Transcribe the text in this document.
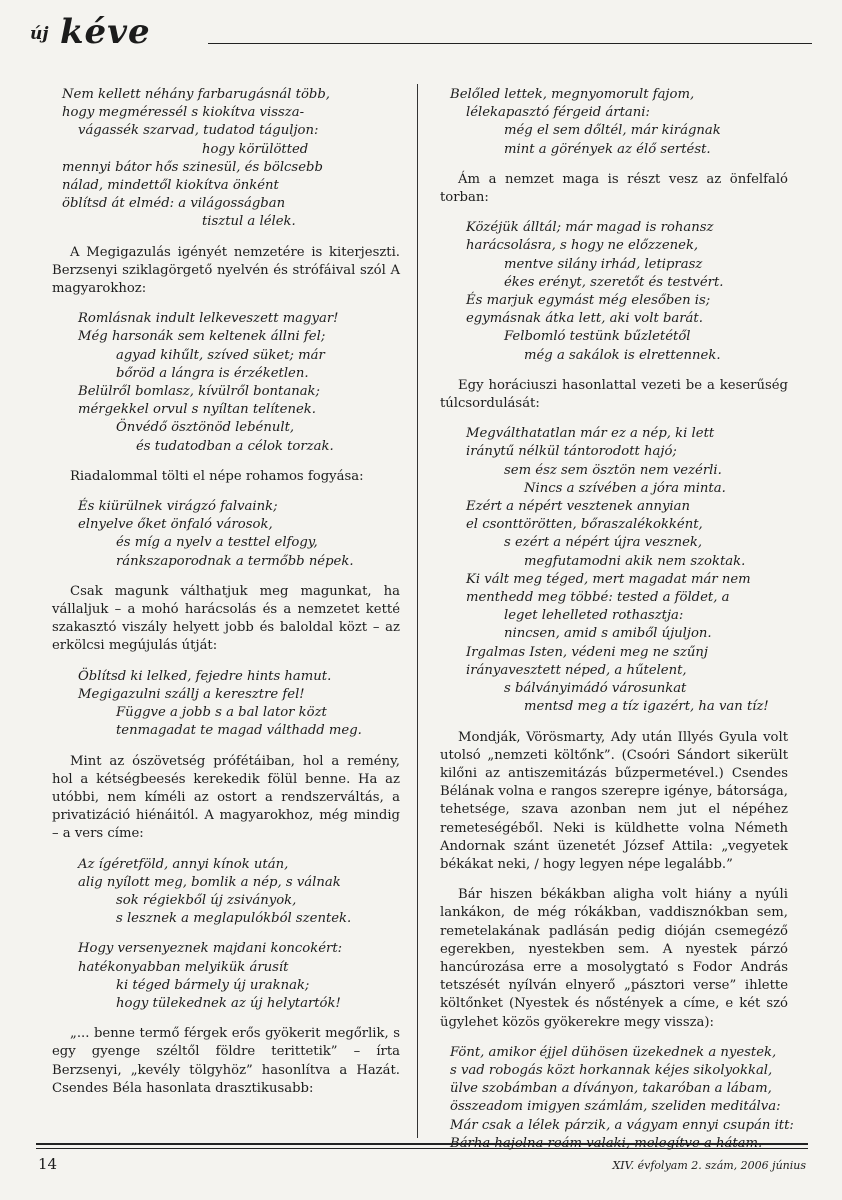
új kéve
Nem kellett néhány farbarugásnál több,
hogy megméressél s kiokítva vissza-
vágassék szarvad, tudatod táguljon:
hogy körülötted
mennyi bátor hős szinesül, és bölcsebb
nálad, mindettől kiokítva önként
öblítsd át elméd: a világosságban
tisztul a lélek.

A Megigazulás igényét nemzetére is kiterjeszti. Berzsenyi sziklagörgető nyelvén és strófáival szól A magyarokhoz:

Romlásnak indult lelkeveszett magyar!
Még harsonák sem keltenek állni fel;
agyad kihűlt, szíved süket; már
bőröd a lángra is érzéketlen.
Belülről bomlasz, kívülről bontanak;
mérgekkel orvul s nyíltan telítenek.
Önvédő ösztönöd lebénult,
és tudatodban a célok torzak.

Riadalommal tölti el népe rohamos fogyása:

És kiürülnek virágzó falvaink;
elnyelve őket önfaló városok,
és míg a nyelv a testtel elfogy,
ránkszaporodnak a termőbb népek.

Csak magunk válthatjuk meg magunkat, ha vállaljuk – a mohó harácsolás és a nemzetet ketté szakasztó viszály helyett jobb és baloldal közt – az erkölcsi megújulás útját:

Öblítsd ki lelked, fejedre hints hamut.
Megigazulni szállj a keresztre fel!
Függve a jobb s a bal lator közt
tenmagadat te magad válthadd meg.

Mint az ószövetség prófétáiban, hol a remény, hol a kétségbeesés kerekedik fölül benne. Ha az utóbbi, nem kíméli az ostort a rendszerváltás, a privatizáció hiénáitól. A magyarokhoz, még mindig – a vers címe:

Az ígéretföld, annyi kínok után,
alig nyílott meg, bomlik a nép, s válnak
sok régiekből új zsiványok,
s lesznek a meglapulókból szentek.
Hogy versenyeznek majdani koncokért:
hatékonyabban melyikük árusít
ki téged bármely új uraknak;
hogy tülekednek az új helytartók!

„... benne termő férgek erős gyökerit megőrlik, s egy gyenge széltől földre terittetik” – írta Berzsenyi, „kevély tölgyhöz” hasonlítva a Hazát. Csendes Béla hasonlata drasztikusabb:

Belőled lettek, megnyomorult fajom,
lélekapasztó férgeid ártani:
még el sem dőltél, már kirágnak
mint a görények az élő sertést.

Ám a nemzet maga is részt vesz az önfelfaló torban:

Közéjük álltál; már magad is rohansz
harácsolásra, s hogy ne előzzenek,
mentve silány irhád, letiprasz
ékes erényt, szeretőt és testvért.
És marjuk egymást még elesőben is;
egymásnak átka lett, aki volt barát.
Felbomló testünk bűzletétől
még a sakálok is elrettennek.

Egy horáciuszi hasonlattal vezeti be a keserűség túlcsordulását:

Megválthatatlan már ez a nép, ki lett
iránytű nélkül tántorodott hajó;
sem ész sem ösztön nem vezérli.
Nincs a szívében a jóra minta.
Ezért a népért vesztenek annyian
el csonttörötten, bőraszalékokként,
s ezért a népért újra vesznek,
megfutamodni akik nem szoktak.
Ki vált meg téged, mert magadat már nem
menthedd meg többé: tested a földet, a
leget lehelleted rothasztja:
nincsen, amid s amiből újuljon.
Irgalmas Isten, védeni meg ne szűnj
irányavesztett néped, a hűtelent,
s bálványimádó városunkat
mentsd meg a tíz igazért, ha van tíz!

Mondják, Vörösmarty, Ady után Illyés Gyula volt utolsó „nemzeti költőnk”. (Csoóri Sándort sikerült kilőni az antiszemitázás bűzpermetével.) Csendes Bélának volna e rangos szerepre igénye, bátorsága, tehetsége, szava azonban nem jut el népéhez remeteségéből. Neki is küldhette volna Németh Andornak szánt üzenetét József Attila: „vegyetek békákat neki, / hogy legyen népe legalább.”

Bár hiszen békákban aligha volt hiány a nyúli lankákon, de még rókákban, vaddisznókban sem, remetelakának padlásán pedig dióján csemegéző egerekben, nyestekben sem. A nyestek párzó hancúrozása erre a mosolygtató s Fodor András tetszését nyílván elnyerő „pásztori verse” ihlette költőnket (Nyestek és nőstények a címe, e két szó ügylehet közös gyökerekre megy vissza):

Fönt, amikor éjjel dühösen üzekednek a nyestek,
s vad robogás közt horkannak kéjes sikolyokkal,
ülve szobámban a díványon, takaróban a lábam,
összeadom imigyen számlám, szeliden meditálva:
Már csak a lélek párzik, a vágyam ennyi csupán itt:
Bárha hajolna reám valaki, melegítve a hátam.
14	XIV. évfolyam 2. szám, 2006 június
